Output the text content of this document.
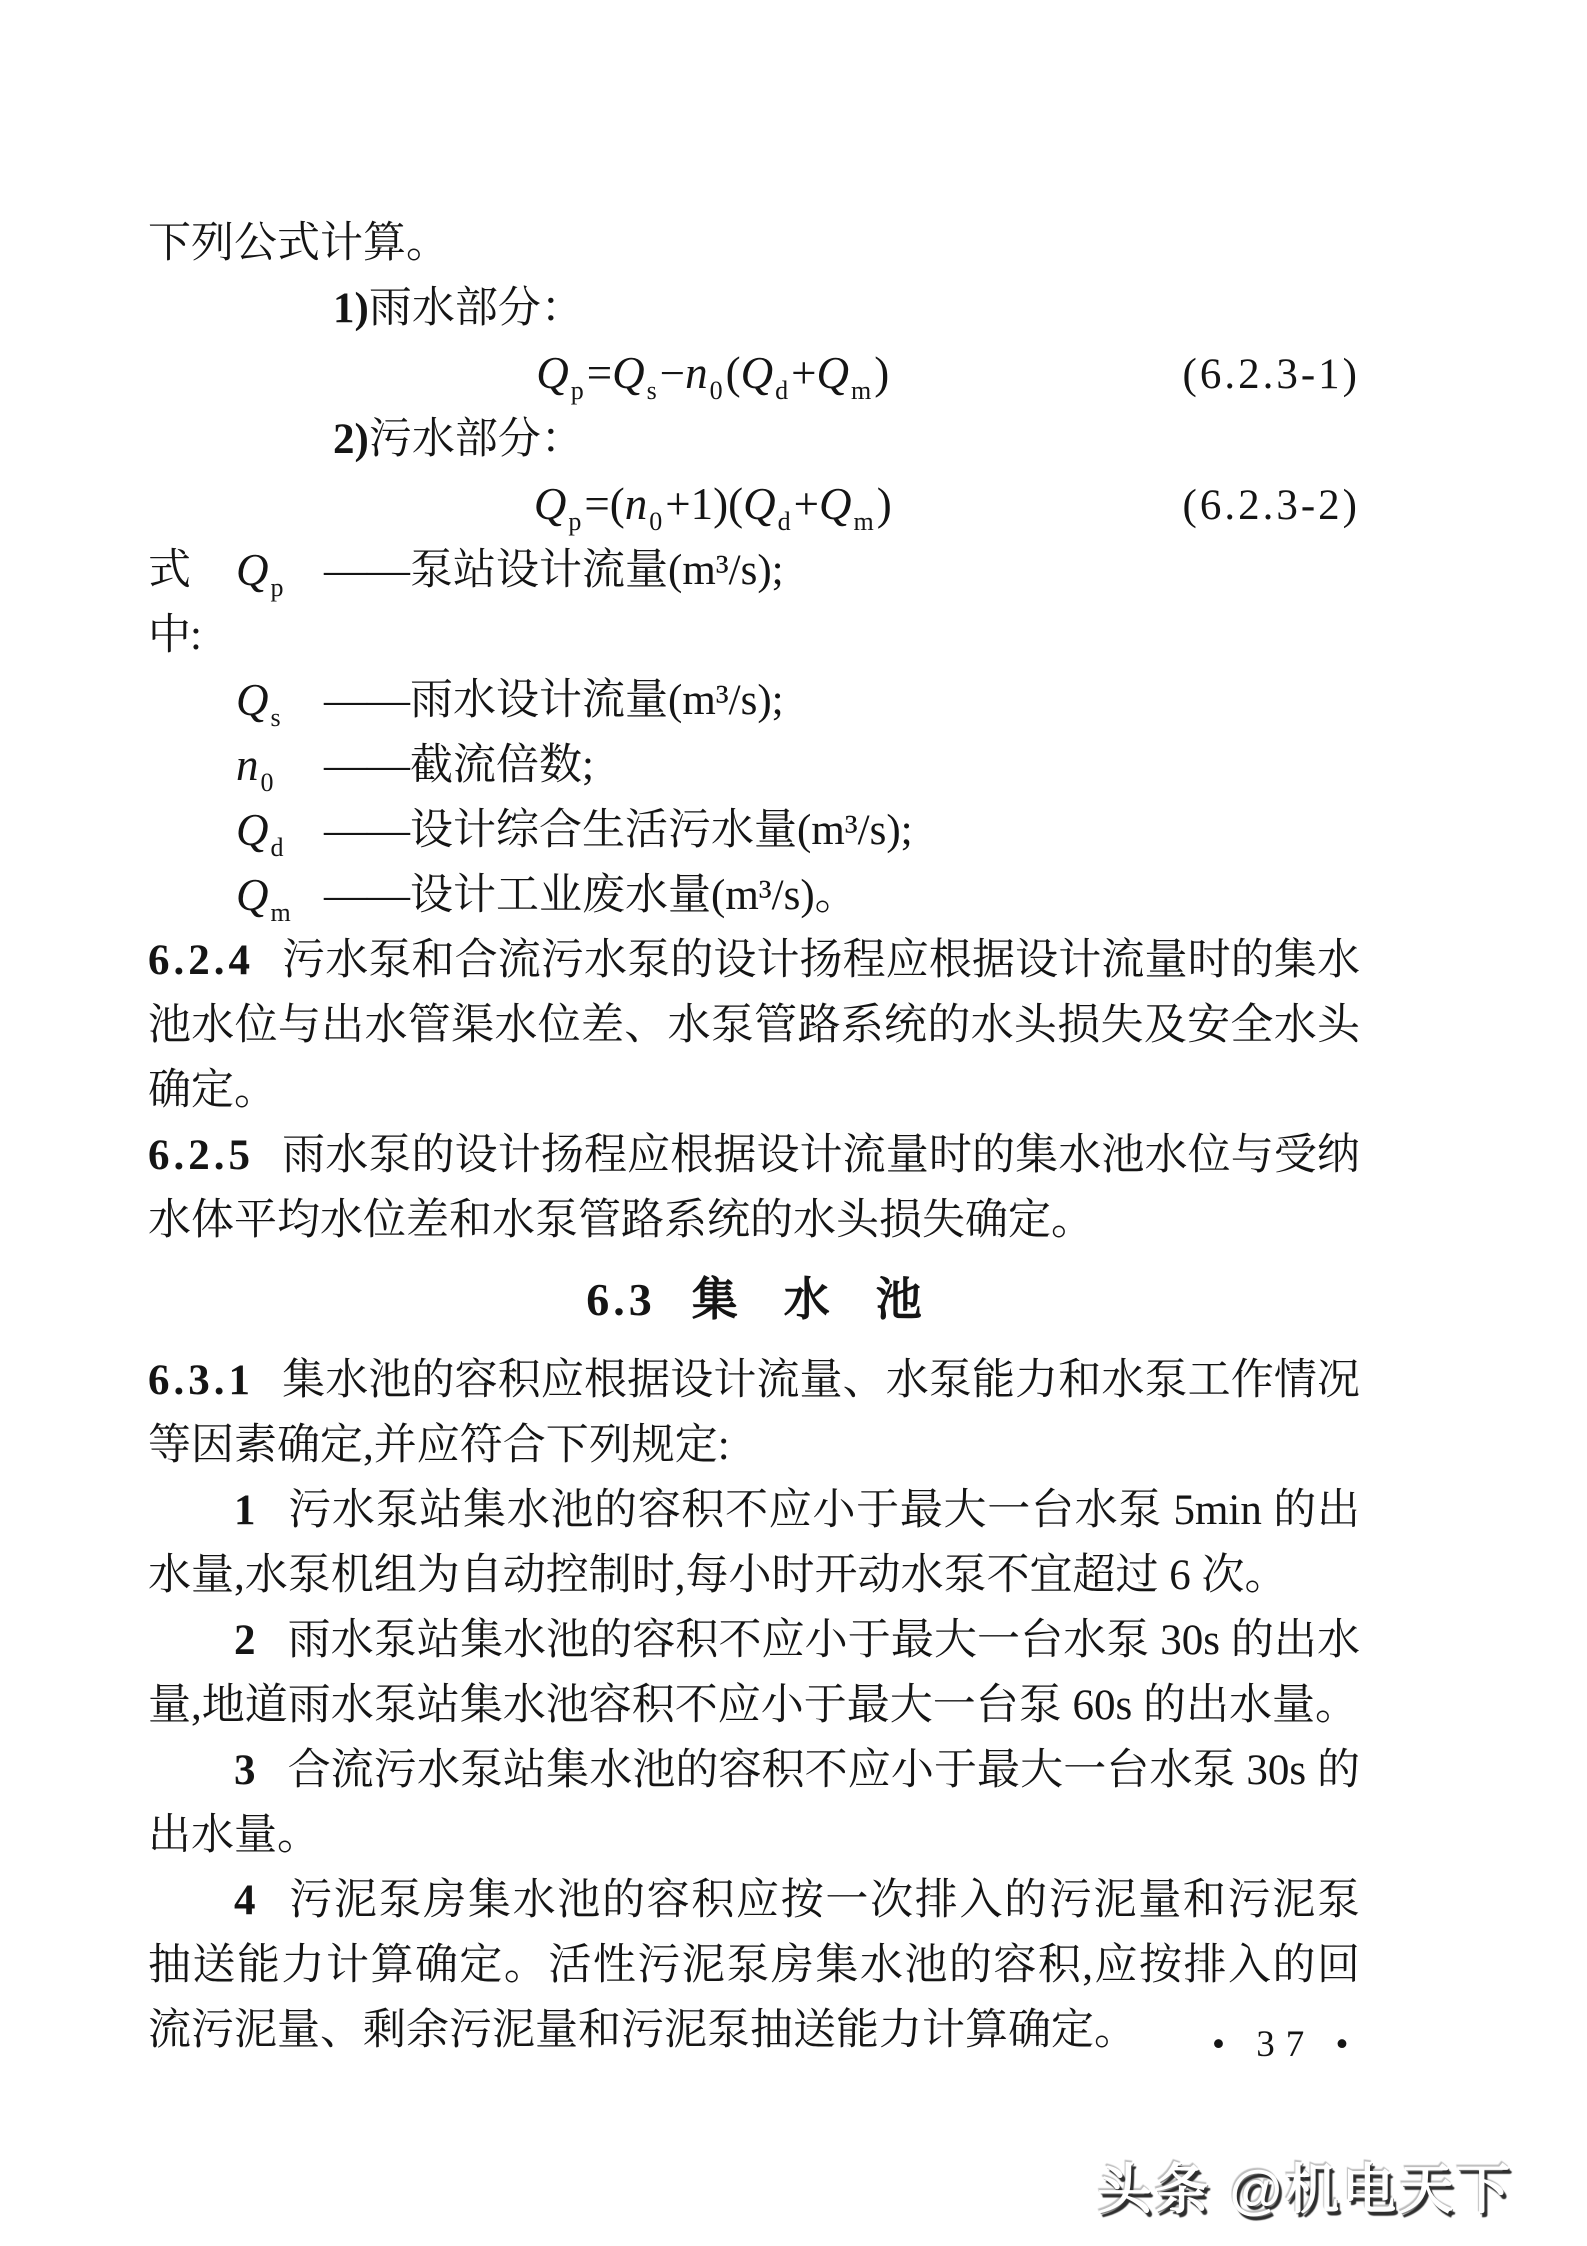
下列公式计算。

1)雨水部分：

$Q_p=Q_s-n_0(Q_d+Q_m)$	(6.2.3-1)

2)污水部分：

$Q_p=(n_0+1)(Q_d+Q_m)$	(6.2.3-2)
式中:
$Q_p$ ——泵站设计流量(m³/s);
$Q_s$	——雨水设计流量(m³/s);
$n_0$	——截流倍数;
$Q_d$ ——设计综合生活污水量(m³/s);
$Q_m$ ——设计工业废水量(m³/s)。

6.2.4 污水泵和合流污水泵的设计扬程应根据设计流量时的集水池水位与出水管渠水位差、水泵管路系统的水头损失及安全水头确定。

6.2.5 雨水泵的设计扬程应根据设计流量时的集水池水位与受纳水体平均水位差和水泵管路系统的水头损失确定。

6.3 集　水　池

6.3.1 集水池的容积应根据设计流量、水泵能力和水泵工作情况等因素确定,并应符合下列规定:

1 污水泵站集水池的容积不应小于最大一台水泵 5min 的出水量,水泵机组为自动控制时,每小时开动水泵不宜超过 6 次。

2 雨水泵站集水池的容积不应小于最大一台水泵 30s 的出水量,地道雨水泵站集水池容积不应小于最大一台泵 60s 的出水量。

3 合流污水泵站集水池的容积不应小于最大一台水泵 30s 的出水量。

4 污泥泵房集水池的容积应按一次排入的污泥量和污泥泵抽送能力计算确定。活性污泥泵房集水池的容积,应按排入的回流污泥量、剩余污泥量和污泥泵抽送能力计算确定。	• 37 •
头条 @机电天下
